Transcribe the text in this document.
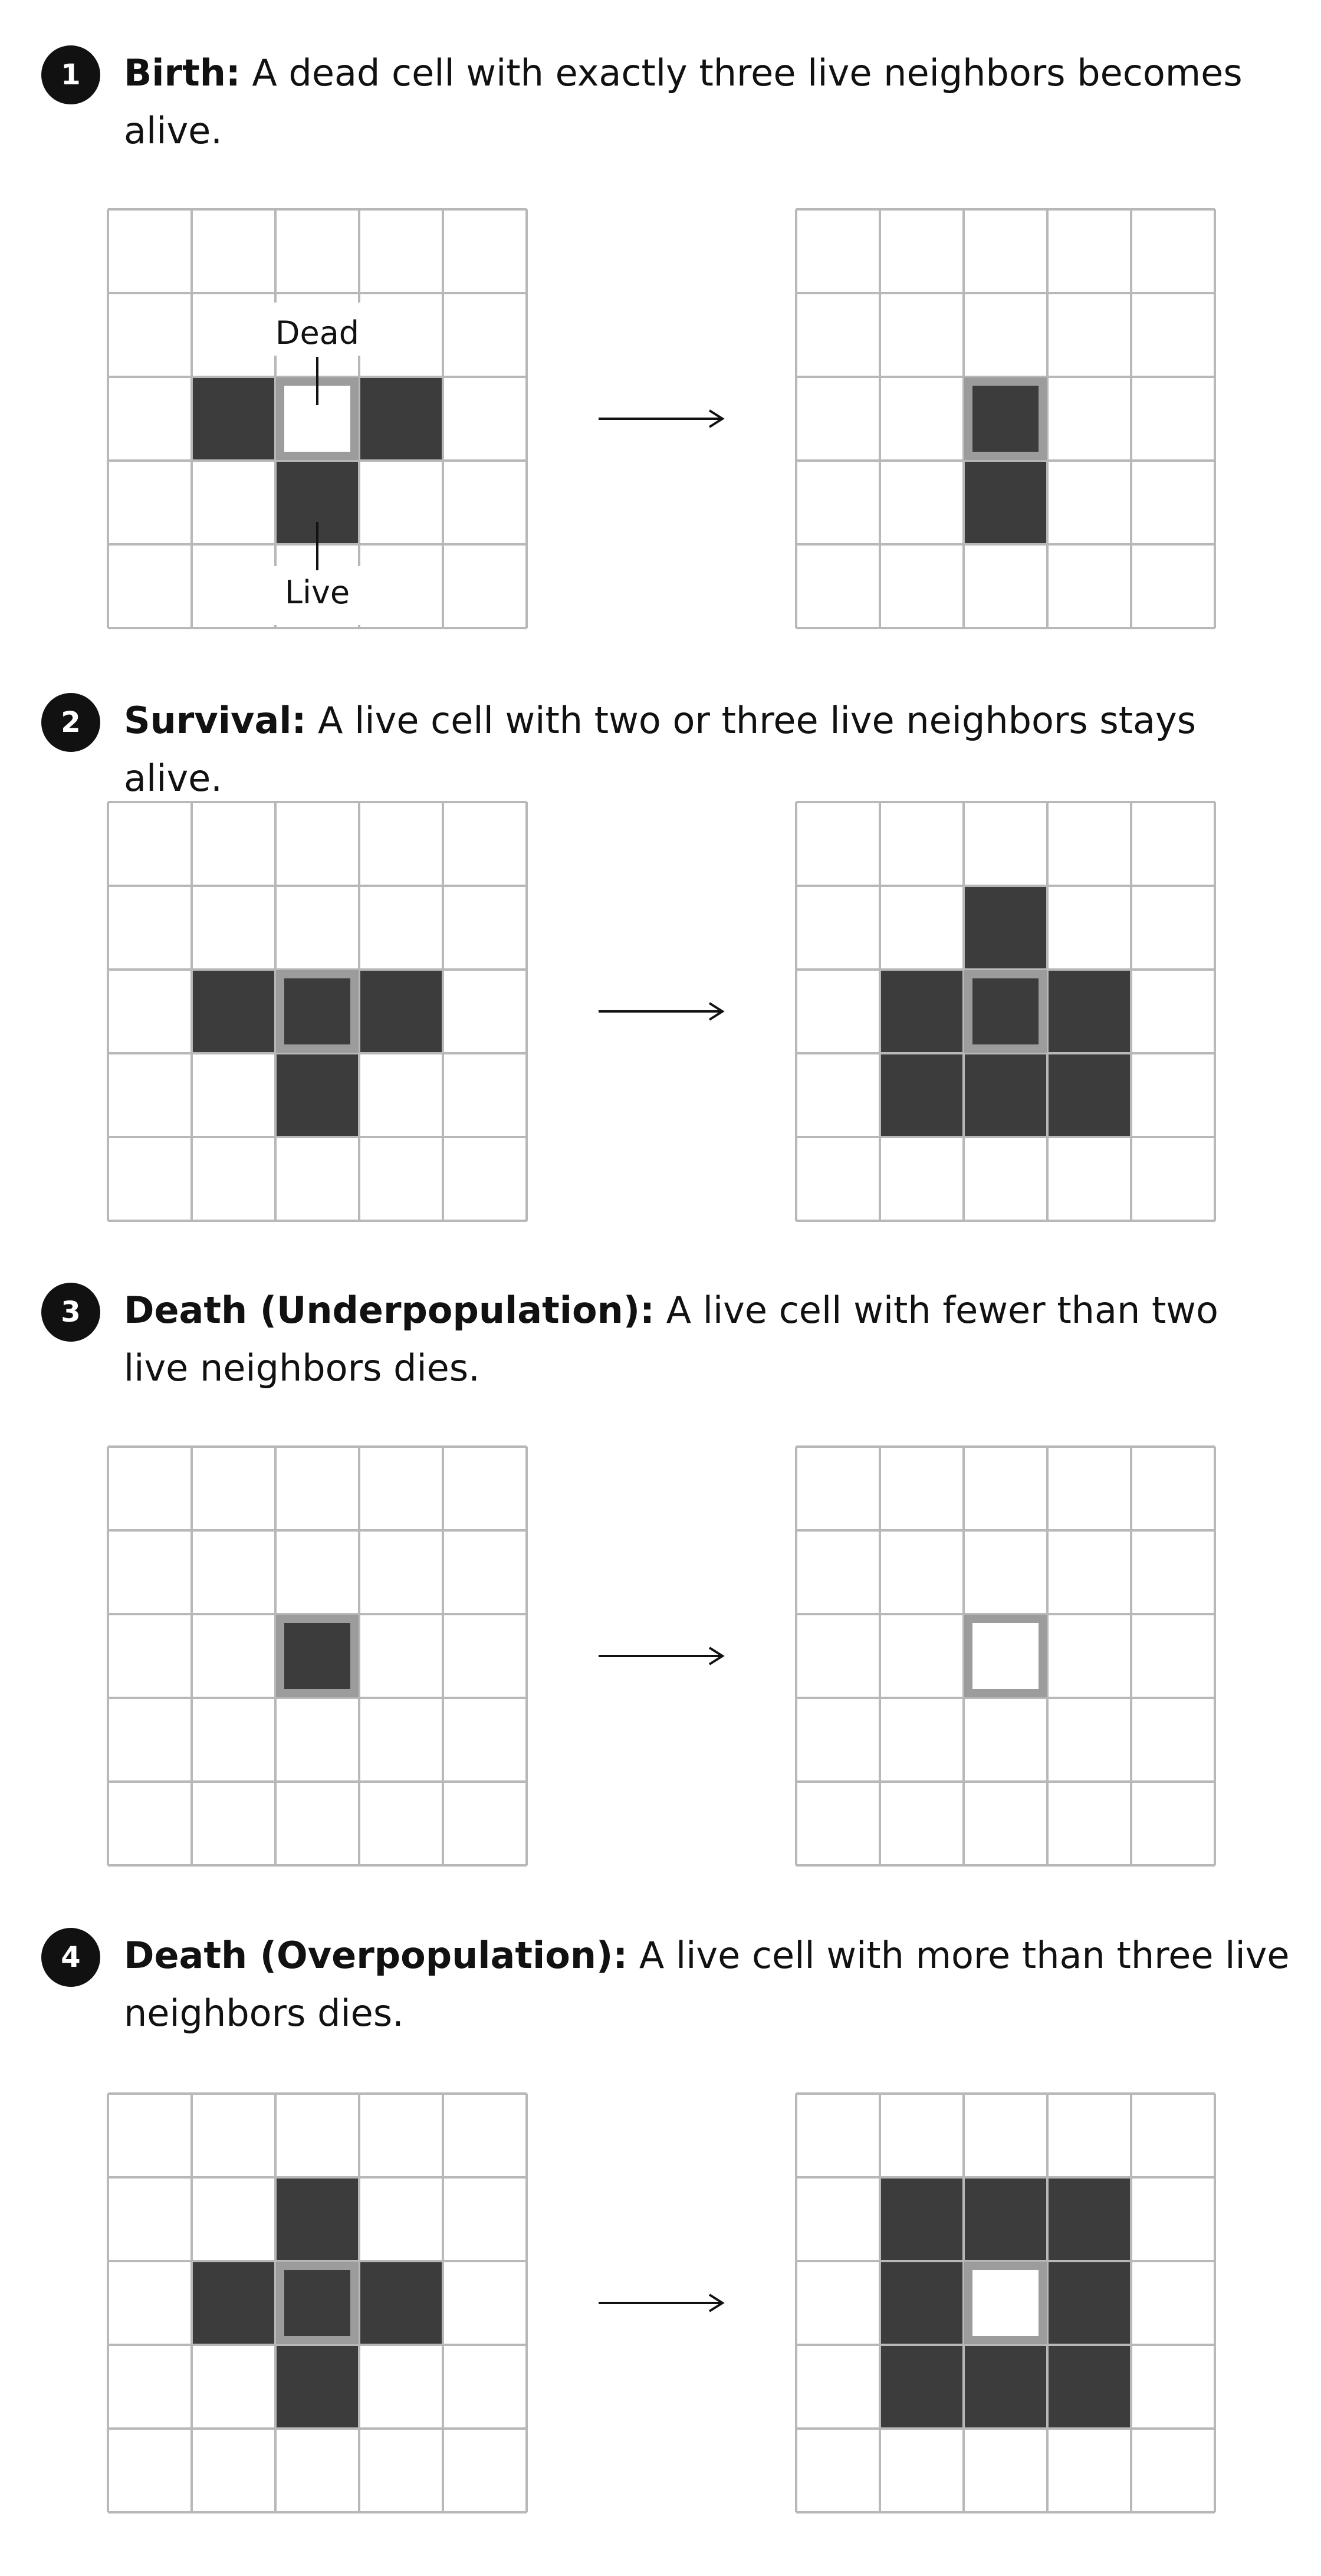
1	Birth: A dead cell with exactly three live neighbors becomes alive.
Dead
Live
2	Survival: A live cell with two or three live neighbors stays alive.
3	Death (Underpopulation): A live cell with fewer than two live neighbors dies.
4	Death (Overpopulation): A live cell with more than three live neighbors dies.
